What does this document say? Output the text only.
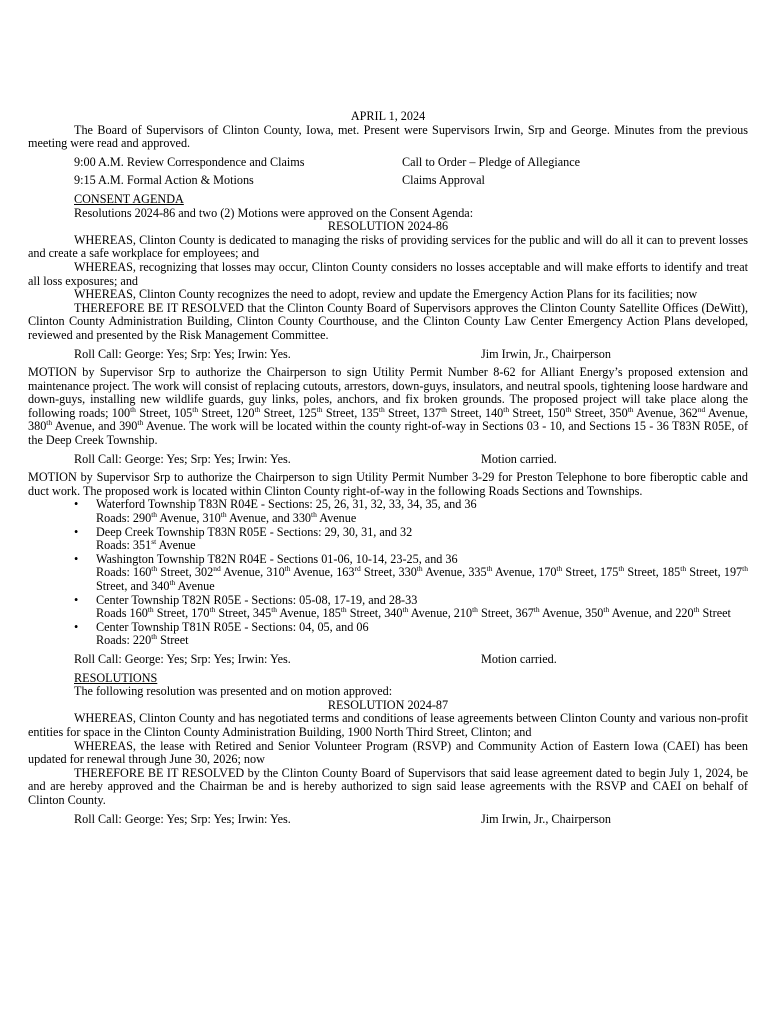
APRIL 1, 2024

The Board of Supervisors of Clinton County, Iowa, met. Present were Supervisors Irwin, Srp and George. Minutes from the previous meeting were read and approved.

9:00 A.M. Review Correspondence and Claims	Call to Order – Pledge of Allegiance
9:15 A.M. Formal Action & Motions	Claims Approval

CONSENT AGENDA

Resolutions 2024-86 and two (2) Motions were approved on the Consent Agenda:

RESOLUTION 2024-86

WHEREAS, Clinton County is dedicated to managing the risks of providing services for the public and will do all it can to prevent losses and create a safe workplace for employees; and

WHEREAS, recognizing that losses may occur, Clinton County considers no losses acceptable and will make efforts to identify and treat all loss exposures; and

WHEREAS, Clinton County recognizes the need to adopt, review and update the Emergency Action Plans for its facilities; now

THEREFORE BE IT RESOLVED that the Clinton County Board of Supervisors approves the Clinton County Satellite Offices (DeWitt), Clinton County Administration Building, Clinton County Courthouse, and the Clinton County Law Center Emergency Action Plans developed, reviewed and presented by the Risk Management Committee.

Roll Call: George: Yes; Srp: Yes; Irwin: Yes.	Jim Irwin, Jr., Chairperson

MOTION by Supervisor Srp to authorize the Chairperson to sign Utility Permit Number 8-62 for Alliant Energy’s proposed extension and maintenance project. The work will consist of replacing cutouts, arrestors, down-guys, insulators, and neutral spools, tightening loose hardware and down-guys, installing new wildlife guards, guy links, poles, anchors, and fix broken grounds. The proposed project will take place along the following roads; 100th Street, 105th Street, 120th Street, 125th Street, 135th Street, 137th Street, 140th Street, 150th Street, 350th Avenue, 362nd Avenue, 380th Avenue, and 390th Avenue. The work will be located within the county right-of-way in Sections 03 - 10, and Sections 15 - 36 T83N R05E, of the Deep Creek Township.

Roll Call: George: Yes; Srp: Yes; Irwin: Yes.	Motion carried.

MOTION by Supervisor Srp to authorize the Chairperson to sign Utility Permit Number 3-29 for Preston Telephone to bore fiberoptic cable and duct work. The proposed work is located within Clinton County right-of-way in the following Roads Sections and Townships.

• Waterford Township T83N R04E - Sections: 25, 26, 31, 32, 33, 34, 35, and 36

Roads: 290th Avenue, 310th Avenue, and 330th Avenue

• Deep Creek Township T83N R05E - Sections: 29, 30, 31, and 32

Roads: 351st Avenue

• Washington Township T82N R04E - Sections 01-06, 10-14, 23-25, and 36

Roads: 160th Street, 302nd Avenue, 310th Avenue, 163rd Street, 330th Avenue, 335th Avenue, 170th Street, 175th Street, 185th Street, 197th Street, and 340th Avenue

• Center Township T82N R05E - Sections: 05-08, 17-19, and 28-33

Roads 160th Street, 170th Street, 345th Avenue, 185th Street, 340th Avenue, 210th Street, 367th Avenue, 350th Avenue, and 220th Street

• Center Township T81N R05E - Sections: 04, 05, and 06

Roads: 220th Street

Roll Call: George: Yes; Srp: Yes; Irwin: Yes.	Motion carried.

RESOLUTIONS

The following resolution was presented and on motion approved:

RESOLUTION 2024-87

WHEREAS, Clinton County and has negotiated terms and conditions of lease agreements between Clinton County and various non-profit entities for space in the Clinton County Administration Building, 1900 North Third Street, Clinton; and

WHEREAS, the lease with Retired and Senior Volunteer Program (RSVP) and Community Action of Eastern Iowa (CAEI) has been updated for renewal through June 30, 2026; now

THEREFORE BE IT RESOLVED by the Clinton County Board of Supervisors that said lease agreement dated to begin July 1, 2024, be and are hereby approved and the Chairman be and is hereby authorized to sign said lease agreements with the RSVP and CAEI on behalf of Clinton County.

Roll Call: George: Yes; Srp: Yes; Irwin: Yes.	Jim Irwin, Jr., Chairperson
